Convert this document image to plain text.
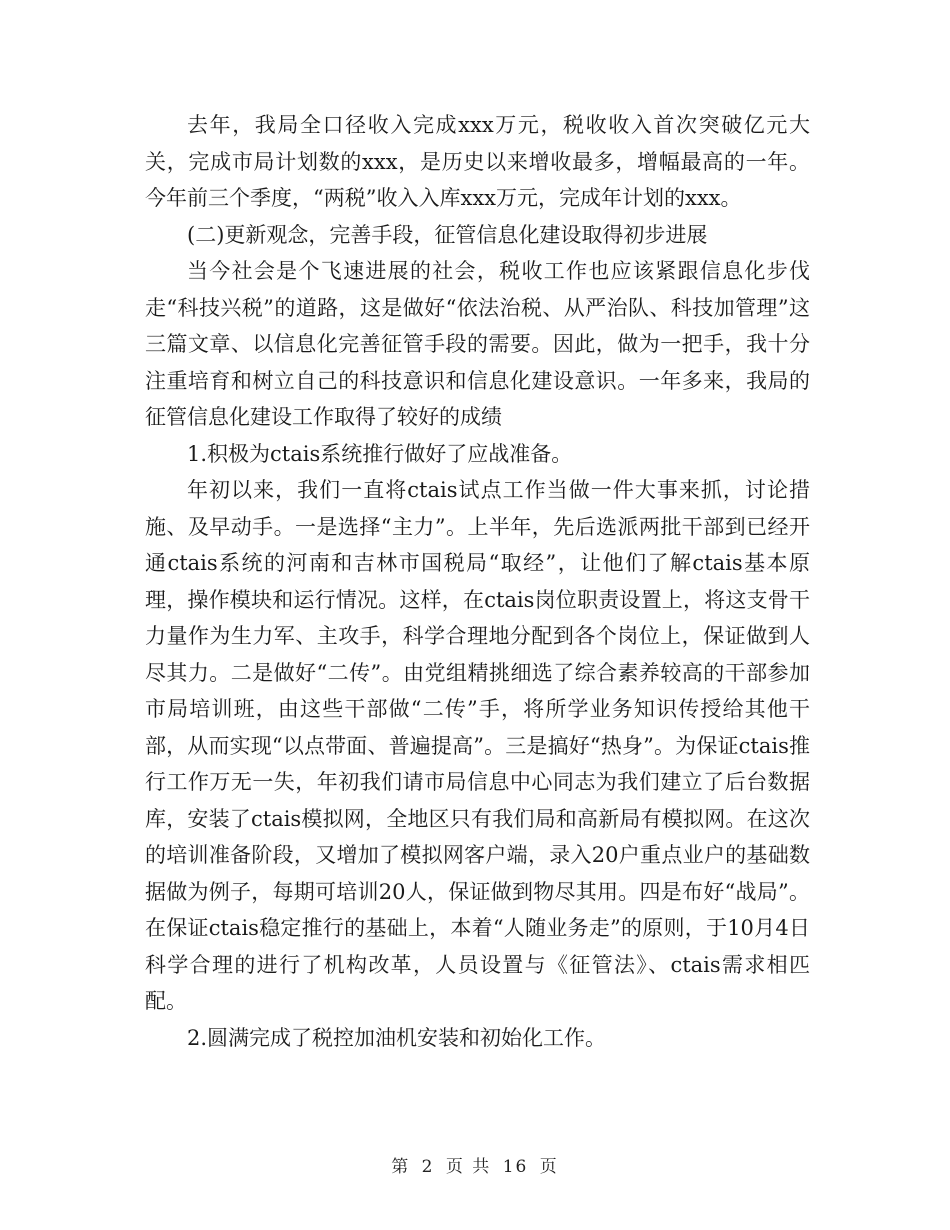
去年，我局全口径收入完成xxx万元，税收收入首次突破亿元大关，完成市局计划数的xxx，是历史以来增收最多，增幅最高的一年。今年前三个季度，“两税”收入入库xxx万元，完成年计划的xxx。

(二)更新观念，完善手段，征管信息化建设取得初步进展

当今社会是个飞速进展的社会，税收工作也应该紧跟信息化步伐走“科技兴税”的道路，这是做好“依法治税、从严治队、科技加管理”这三篇文章、以信息化完善征管手段的需要。因此，做为一把手，我十分注重培育和树立自己的科技意识和信息化建设意识。一年多来，我局的征管信息化建设工作取得了较好的成绩

1.积极为ctais系统推行做好了应战准备。

年初以来，我们一直将ctais试点工作当做一件大事来抓，讨论措施、及早动手。一是选择“主力”。上半年，先后选派两批干部到已经开通ctais系统的河南和吉林市国税局“取经”，让他们了解ctais基本原理，操作模块和运行情况。这样，在ctais岗位职责设置上，将这支骨干力量作为生力军、主攻手，科学合理地分配到各个岗位上，保证做到人尽其力。二是做好“二传”。由党组精挑细选了综合素养较高的干部参加市局培训班，由这些干部做“二传”手，将所学业务知识传授给其他干部，从而实现“以点带面、普遍提高”。三是搞好“热身”。为保证ctais推行工作万无一失，年初我们请市局信息中心同志为我们建立了后台数据库，安装了ctais模拟网，全地区只有我们局和高新局有模拟网。在这次的培训准备阶段，又增加了模拟网客户端，录入20户重点业户的基础数据做为例子，每期可培训20人，保证做到物尽其用。四是布好“战局”。在保证ctais稳定推行的基础上，本着“人随业务走”的原则，于10月4日科学合理的进行了机构改革，人员设置与《征管法》、ctais需求相匹配。

2.圆满完成了税控加油机安装和初始化工作。

第 2 页 共 16 页
